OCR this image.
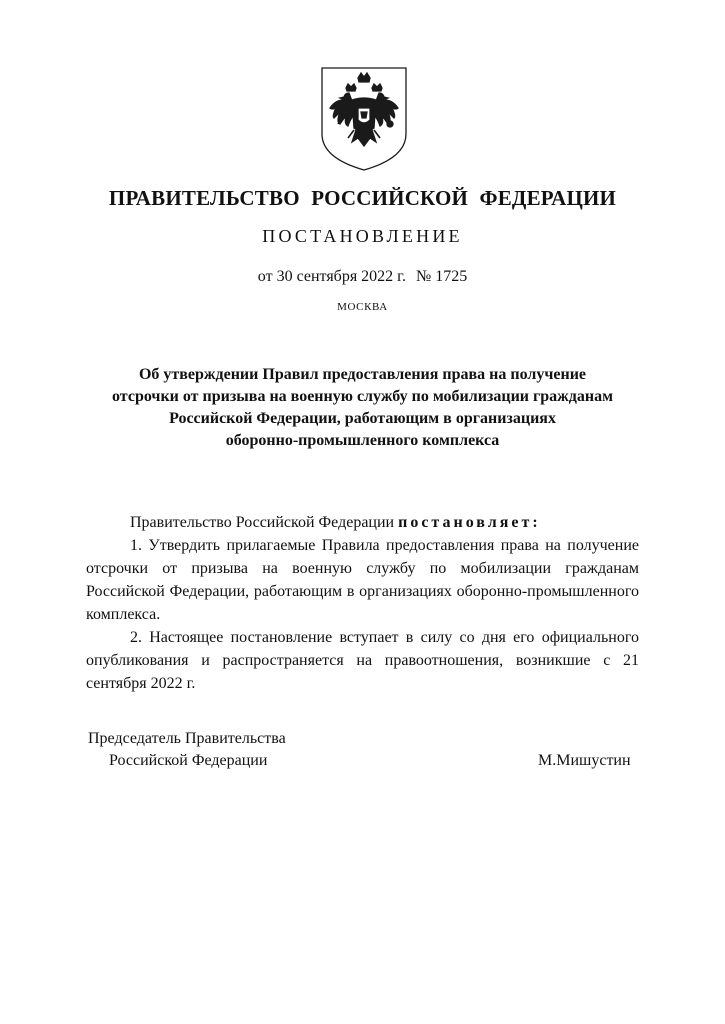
ПРАВИТЕЛЬСТВО РОССИЙСКОЙ ФЕДЕРАЦИИ
ПОСТАНОВЛЕНИЕ
от 30 сентября 2022 г. № 1725
МОСКВА
Об утверждении Правил предоставления права на получение
отсрочки от призыва на военную службу по мобилизации гражданам
Российской Федерации, работающим в организациях
оборонно-промышленного комплекса
Правительство Российской Федерации постановляет:
1. Утвердить прилагаемые Правила предоставления права на получение отсрочки от призыва на военную службу по мобилизации гражданам Российской Федерации, работающим в организациях оборонно-промышленного комплекса.
2. Настоящее постановление вступает в силу со дня его официального опубликования и распространяется на правоотношения, возникшие с 21 сентября 2022 г.
Председатель Правительства
Российской Федерации	М.Мишустин
